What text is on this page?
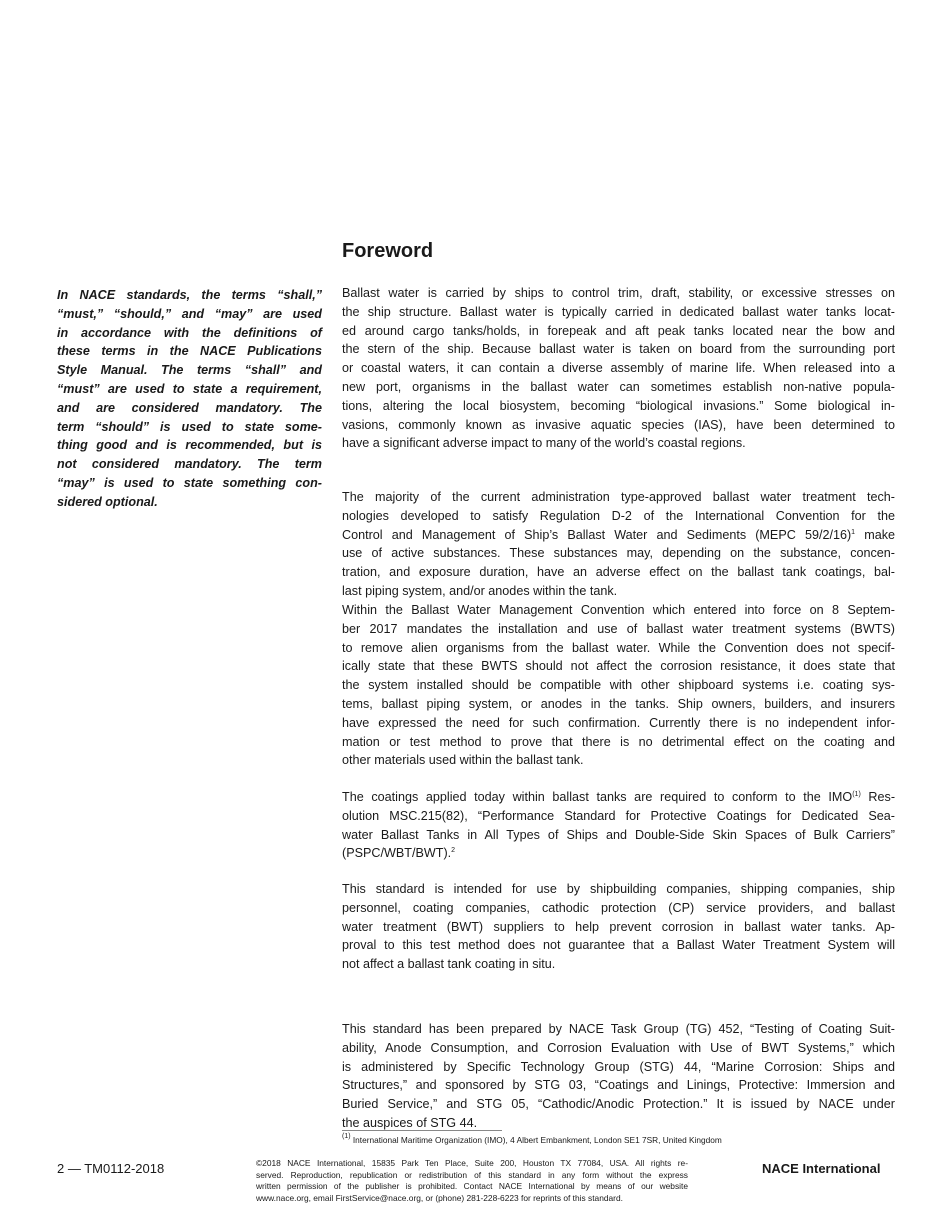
Foreword
In NACE standards, the terms “shall,”
“must,” “should,” and “may” are used
in accordance with the definitions of
these terms in the NACE Publications
Style Manual. The terms “shall” and
“must” are used to state a requirement,
and are considered mandatory. The
term “should” is used to state some-
thing good and is recommended, but is
not considered mandatory. The term
“may” is used to state something con-
sidered optional.
Ballast water is carried by ships to control trim, draft, stability, or excessive stresses on
the ship structure. Ballast water is typically carried in dedicated ballast water tanks locat-
ed around cargo tanks/holds, in forepeak and aft peak tanks located near the bow and
the stern of the ship. Because ballast water is taken on board from the surrounding port
or coastal waters, it can contain a diverse assembly of marine life. When released into a
new port, organisms in the ballast water can sometimes establish non-native popula-
tions, altering the local biosystem, becoming “biological invasions.” Some biological in-
vasions, commonly known as invasive aquatic species (IAS), have been determined to
have a significant adverse impact to many of the world’s coastal regions.
The majority of the current administration type-approved ballast water treatment tech-
nologies developed to satisfy Regulation D-2 of the International Convention for the
Control and Management of Ship’s Ballast Water and Sediments (MEPC 59/2/16)$^1$ make
use of active substances. These substances may, depending on the substance, concen-
tration, and exposure duration, have an adverse effect on the ballast tank coatings, bal-
last piping system, and/or anodes within the tank.
Within the Ballast Water Management Convention which entered into force on 8 Septem-
ber 2017 mandates the installation and use of ballast water treatment systems (BWTS)
to remove alien organisms from the ballast water. While the Convention does not specif-
ically state that these BWTS should not affect the corrosion resistance, it does state that
the system installed should be compatible with other shipboard systems i.e. coating sys-
tems, ballast piping system, or anodes in the tanks. Ship owners, builders, and insurers
have expressed the need for such confirmation. Currently there is no independent infor-
mation or test method to prove that there is no detrimental effect on the coating and
other materials used within the ballast tank.
The coatings applied today within ballast tanks are required to conform to the IMO$^{(1)}$ Res-
olution MSC.215(82), “Performance Standard for Protective Coatings for Dedicated Sea-
water Ballast Tanks in All Types of Ships and Double-Side Skin Spaces of Bulk Carriers”
(PSPC/WBT/BWT).$^2$
This standard is intended for use by shipbuilding companies, shipping companies, ship
personnel, coating companies, cathodic protection (CP) service providers, and ballast
water treatment (BWT) suppliers to help prevent corrosion in ballast water tanks. Ap-
proval to this test method does not guarantee that a Ballast Water Treatment System will
not affect a ballast tank coating in situ.
This standard has been prepared by NACE Task Group (TG) 452, “Testing of Coating Suit-
ability, Anode Consumption, and Corrosion Evaluation with Use of BWT Systems,” which
is administered by Specific Technology Group (STG) 44, “Marine Corrosion: Ships and
Structures,” and sponsored by STG 03, “Coatings and Linings, Protective: Immersion and
Buried Service,” and STG 05, “Cathodic/Anodic Protection.” It is issued by NACE under
the auspices of STG 44.
$^{(1)}$ International Maritime Organization (IMO), 4 Albert Embankment, London SE1 7SR, United Kingdom
2 — TM0112-2018	©2018 NACE International, 15835 Park Ten Place, Suite 200, Houston TX 77084, USA. All rights re-
served. Reproduction, republication or redistribution of this standard in any form without the express
written permission of the publisher is prohibited. Contact NACE International by means of our website
www.nace.org, email FirstService@nace.org, or (phone) 281-228-6223 for reprints of this standard.
NACE International
